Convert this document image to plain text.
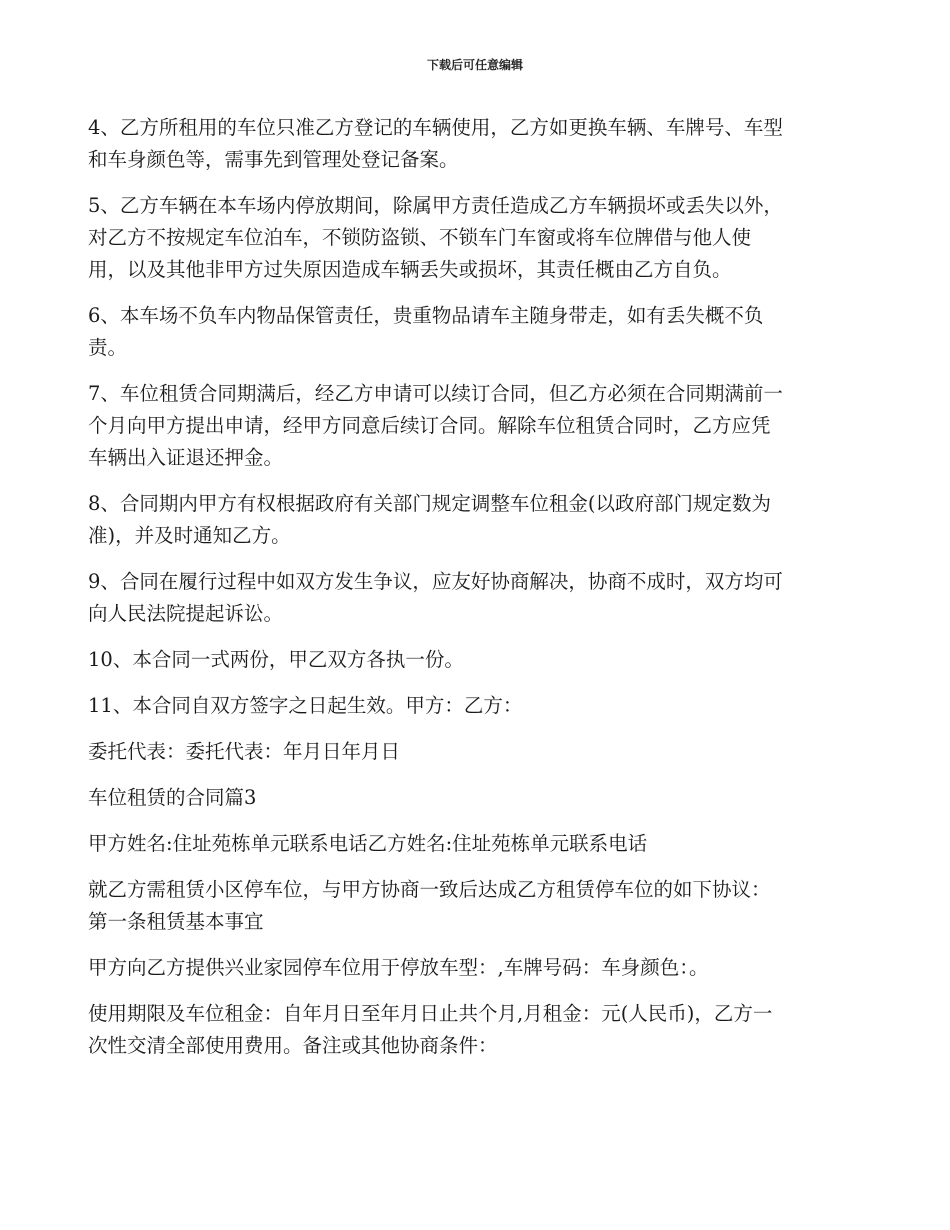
下载后可任意编辑

4、乙方所租用的车位只准乙方登记的车辆使用，乙方如更换车辆、车牌号、车型
和车身颜色等，需事先到管理处登记备案。

5、乙方车辆在本车场内停放期间，除属甲方责任造成乙方车辆损坏或丢失以外，
对乙方不按规定车位泊车，不锁防盗锁、不锁车门车窗或将车位牌借与他人使
用，以及其他非甲方过失原因造成车辆丢失或损坏，其责任概由乙方自负。

6、本车场不负车内物品保管责任，贵重物品请车主随身带走，如有丢失概不负
责。

7、车位租赁合同期满后，经乙方申请可以续订合同，但乙方必须在合同期满前一
个月向甲方提出申请，经甲方同意后续订合同。解除车位租赁合同时，乙方应凭
车辆出入证退还押金。

8、合同期内甲方有权根据政府有关部门规定调整车位租金(以政府部门规定数为
准)，并及时通知乙方。

9、合同在履行过程中如双方发生争议，应友好协商解决，协商不成时，双方均可
向人民法院提起诉讼。

10、本合同一式两份，甲乙双方各执一份。

11、本合同自双方签字之日起生效。甲方：乙方：

委托代表：委托代表：年月日年月日

车位租赁的合同篇3

甲方姓名:住址苑栋单元联系电话乙方姓名:住址苑栋单元联系电话

就乙方需租赁小区停车位，与甲方协商一致后达成乙方租赁停车位的如下协议：
第一条租赁基本事宜

甲方向乙方提供兴业家园停车位用于停放车型：,车牌号码：车身颜色：。

使用期限及车位租金：自年月日至年月日止共个月,月租金：元(人民币)，乙方一
次性交清全部使用费用。备注或其他协商条件：
